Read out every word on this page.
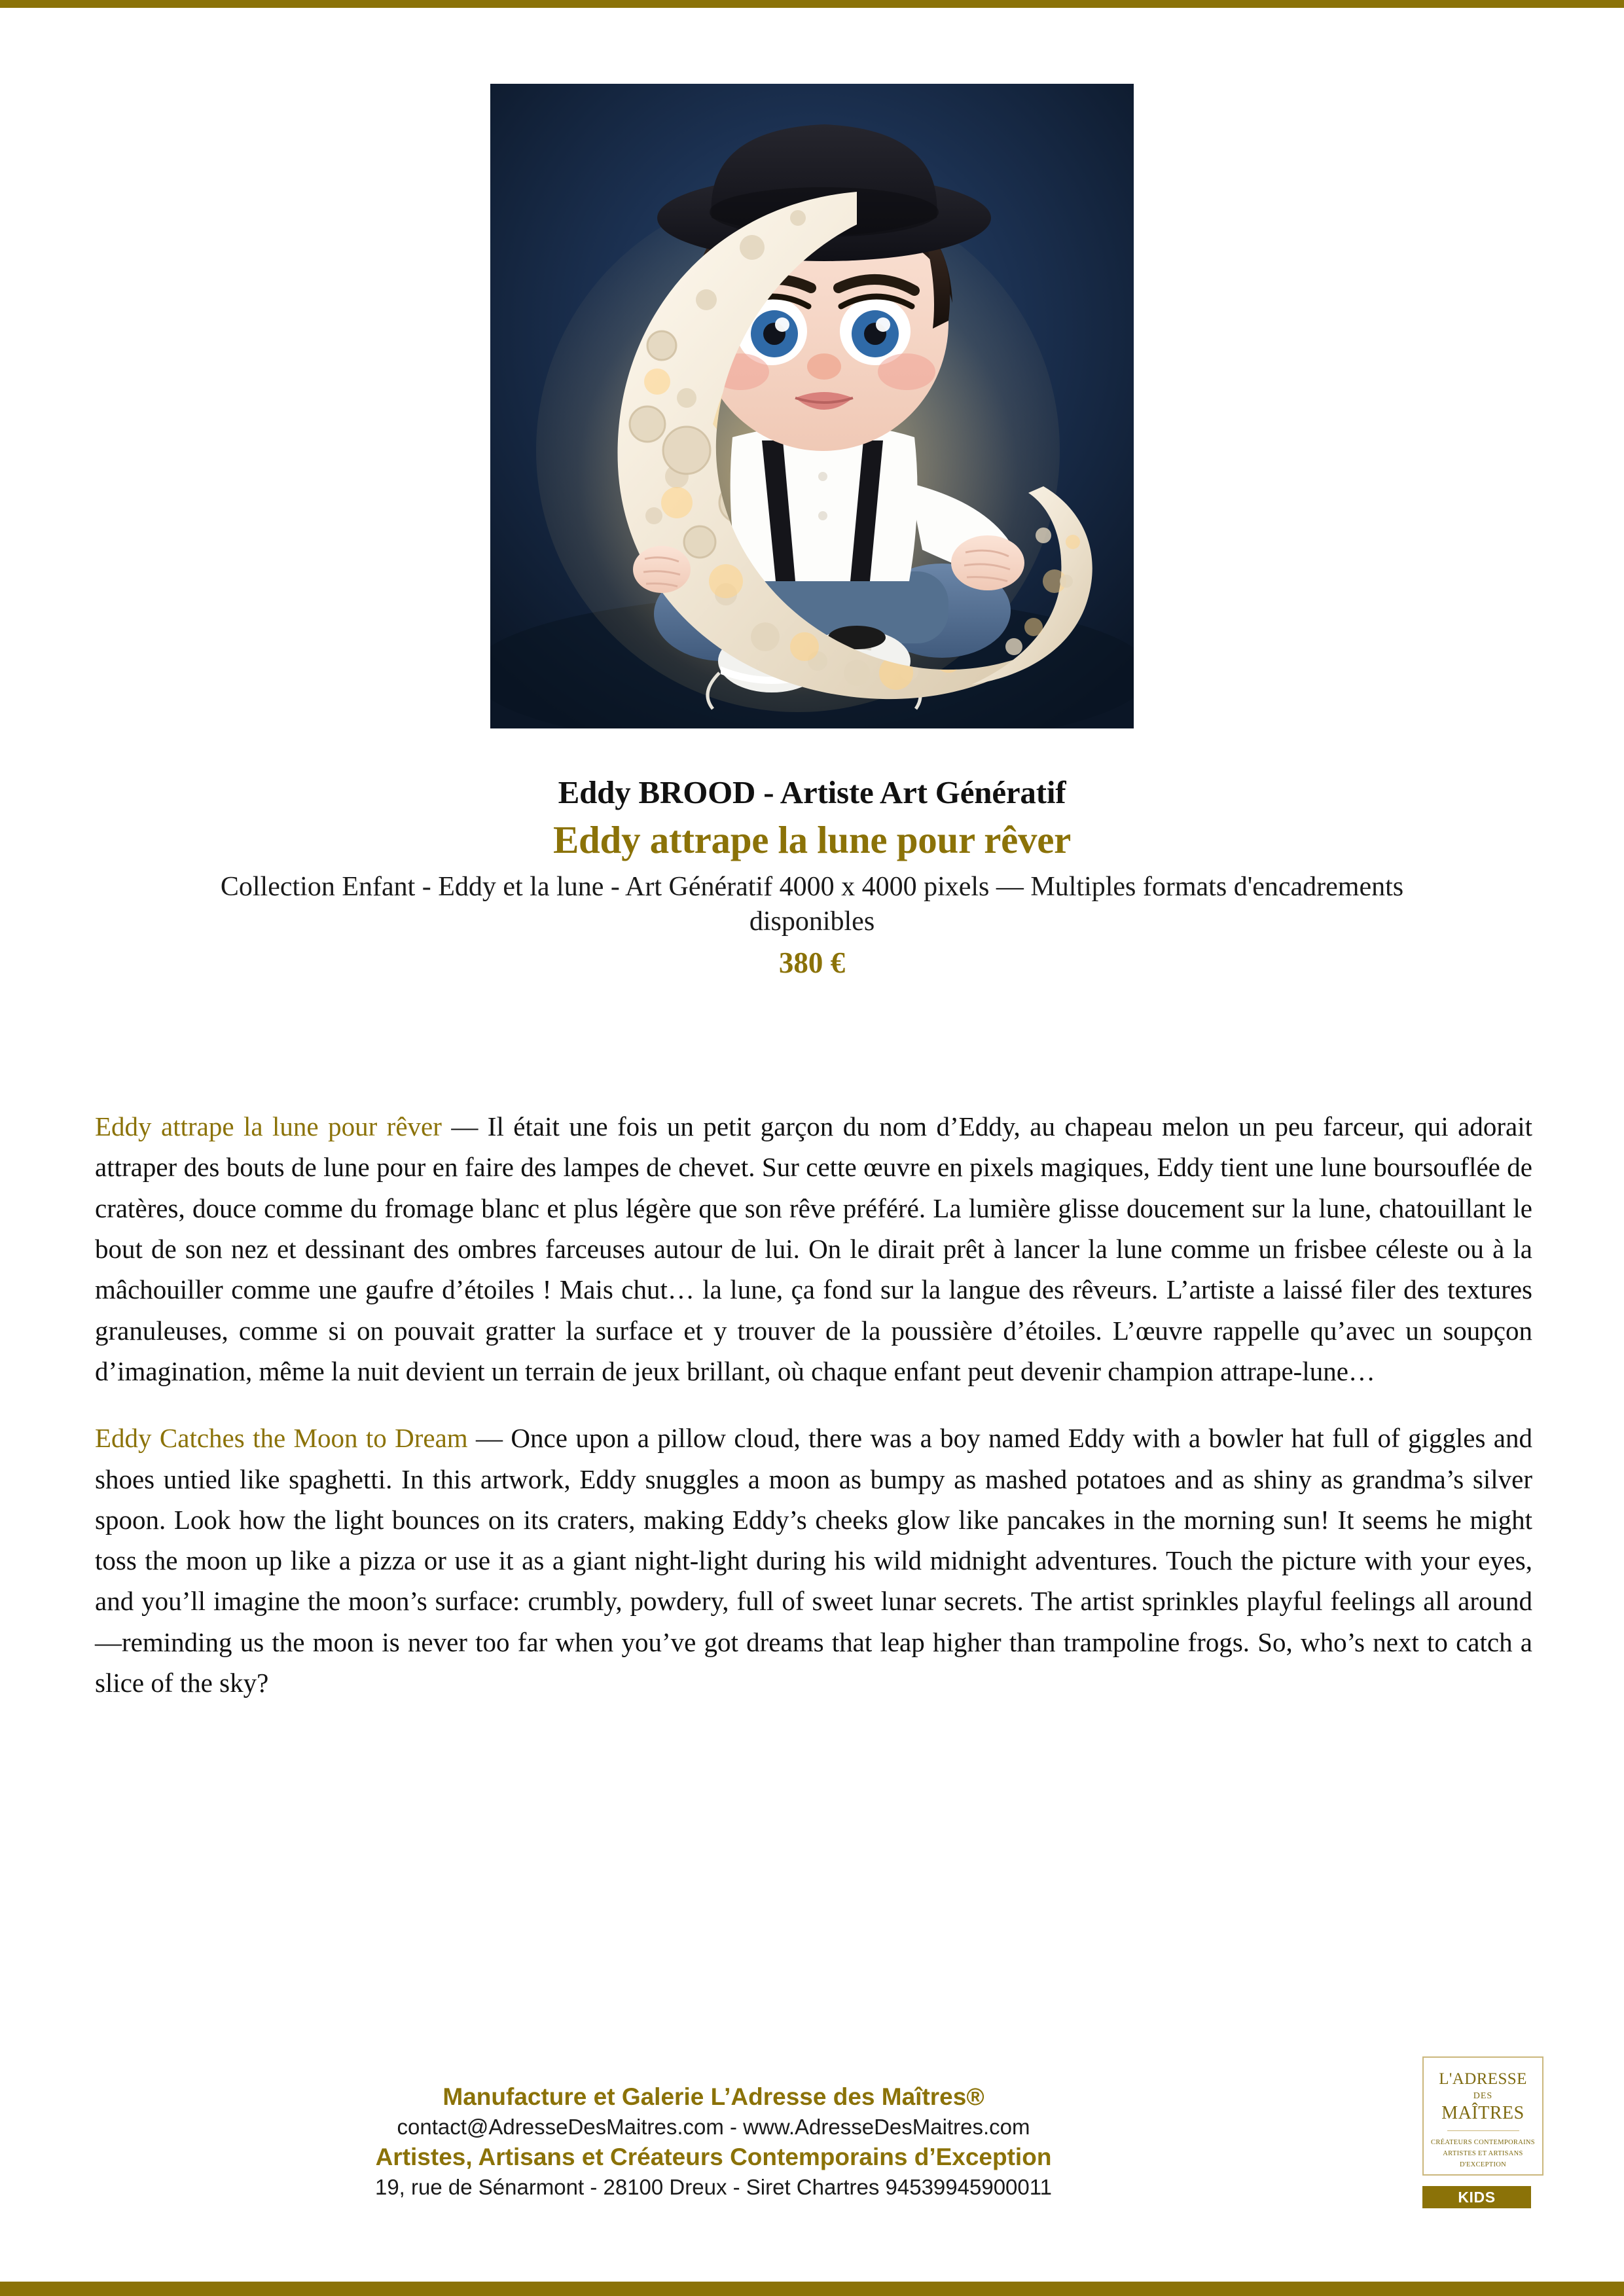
Eddy BROOD - Artiste Art Génératif
Eddy attrape la lune pour rêver
Collection Enfant - Eddy et la lune - Art Génératif 4000 x 4000 pixels — Multiples formats d'encadrements disponibles
380 €

Eddy attrape la lune pour rêver — Il était une fois un petit garçon du nom d’Eddy, au chapeau melon un peu farceur, qui adorait attraper des bouts de lune pour en faire des lampes de chevet. Sur cette œuvre en pixels magiques, Eddy tient une lune boursouflée de cratères, douce comme du fromage blanc et plus légère que son rêve préféré. La lumière glisse doucement sur la lune, chatouillant le bout de son nez et dessinant des ombres farceuses autour de lui. On le dirait prêt à lancer la lune comme un frisbee céleste ou à la mâchouiller comme une gaufre d’étoiles ! Mais chut… la lune, ça fond sur la langue des rêveurs. L’artiste a laissé filer des textures granuleuses, comme si on pouvait gratter la surface et y trouver de la poussière d’étoiles. L’œuvre rappelle qu’avec un soupçon d’imagination, même la nuit devient un terrain de jeux brillant, où chaque enfant peut devenir champion attrape-lune…

Eddy Catches the Moon to Dream — Once upon a pillow cloud, there was a boy named Eddy with a bowler hat full of giggles and shoes untied like spaghetti. In this artwork, Eddy snuggles a moon as bumpy as mashed potatoes and as shiny as grandma’s silver spoon. Look how the light bounces on its craters, making Eddy’s cheeks glow like pancakes in the morning sun! It seems he might toss the moon up like a pizza or use it as a giant night-light during his wild midnight adventures. Touch the picture with your eyes, and you’ll imagine the moon’s surface: crumbly, powdery, full of sweet lunar secrets. The artist sprinkles playful feelings all around—reminding us the moon is never too far when you’ve got dreams that leap higher than trampoline frogs. So, who’s next to catch a slice of the sky?

Manufacture et Galerie L’Adresse des Maîtres®
contact@AdresseDesMaitres.com - www.AdresseDesMaitres.com
Artistes, Artisans et Créateurs Contemporains d’Exception
19, rue de Sénarmont - 28100 Dreux - Siret Chartres 94539945900011
L'ADRESSE
DES
MAÎTRES
CRÉATEURS CONTEMPORAINS
ARTISTES ET ARTISANS
D'EXCEPTION
KIDS
